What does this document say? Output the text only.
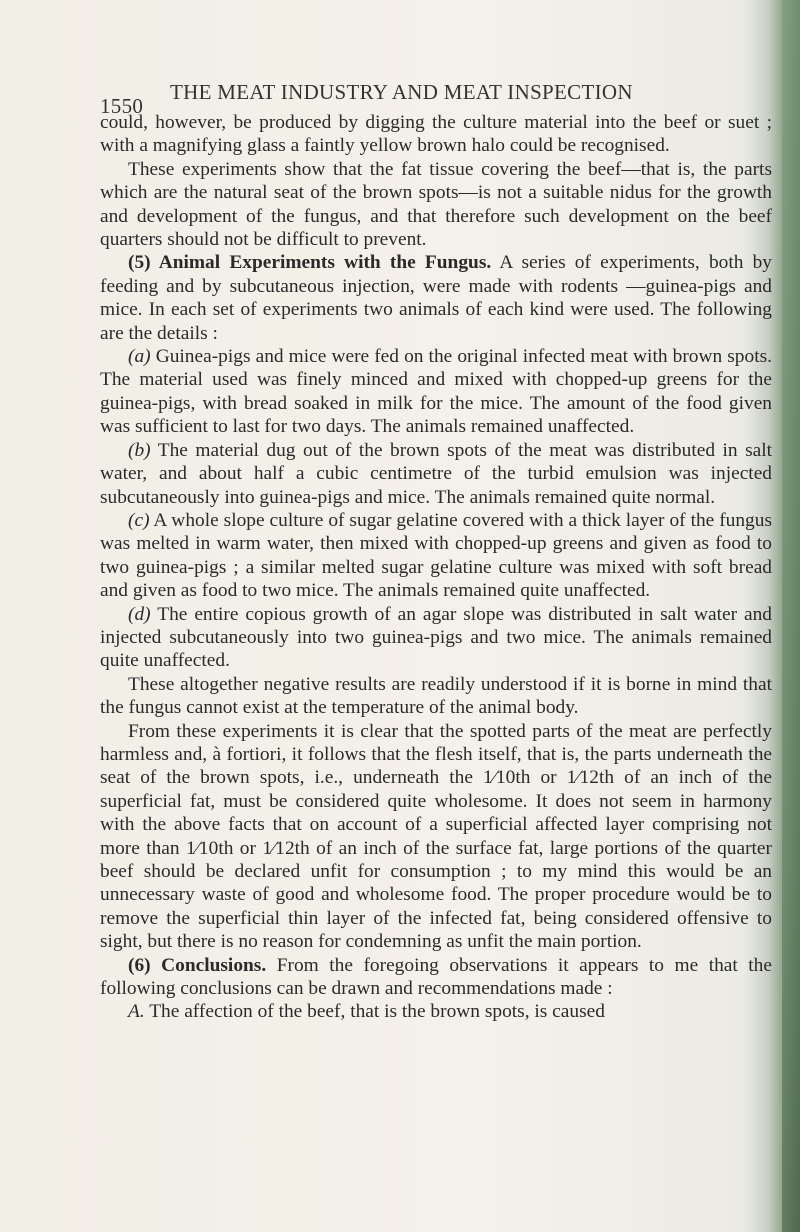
1550
THE MEAT INDUSTRY AND MEAT INSPECTION

could, however, be produced by digging the culture material into the beef or suet ; with a magnifying glass a faintly yellow brown halo could be recognised.

These experiments show that the fat tissue covering the beef—that is, the parts which are the natural seat of the brown spots—is not a suitable nidus for the growth and development of the fungus, and that therefore such development on the beef quarters should not be difficult to prevent.

(5) Animal Experiments with the Fungus. A series of experiments, both by feeding and by subcutaneous injection, were made with rodents —guinea-pigs and mice. In each set of experiments two animals of each kind were used. The following are the details :

(a) Guinea-pigs and mice were fed on the original infected meat with brown spots. The material used was finely minced and mixed with chopped-up greens for the guinea-pigs, with bread soaked in milk for the mice. The amount of the food given was sufficient to last for two days. The animals remained unaffected.

(b) The material dug out of the brown spots of the meat was distributed in salt water, and about half a cubic centimetre of the turbid emulsion was injected subcutaneously into guinea-pigs and mice. The animals remained quite normal.

(c) A whole slope culture of sugar gelatine covered with a thick layer of the fungus was melted in warm water, then mixed with chopped-up greens and given as food to two guinea-pigs ; a similar melted sugar gelatine culture was mixed with soft bread and given as food to two mice. The animals remained quite unaffected.

(d) The entire copious growth of an agar slope was distributed in salt water and injected subcutaneously into two guinea-pigs and two mice. The animals remained quite unaffected.

These altogether negative results are readily understood if it is borne in mind that the fungus cannot exist at the temperature of the animal body.

From these experiments it is clear that the spotted parts of the meat are perfectly harmless and, à fortiori, it follows that the flesh itself, that is, the parts underneath the seat of the brown spots, i.e., underneath the 1⁄10th or 1⁄12th of an inch of the superficial fat, must be considered quite wholesome. It does not seem in harmony with the above facts that on account of a superficial affected layer comprising not more than 1⁄10th or 1⁄12th of an inch of the surface fat, large portions of the quarter beef should be declared unfit for consumption ; to my mind this would be an unnecessary waste of good and wholesome food. The proper procedure would be to remove the superficial thin layer of the infected fat, being considered offensive to sight, but there is no reason for condemning as unfit the main portion.

(6) Conclusions. From the foregoing observations it appears to me that the following conclusions can be drawn and recommendations made :

A. The affection of the beef, that is the brown spots, is caused
